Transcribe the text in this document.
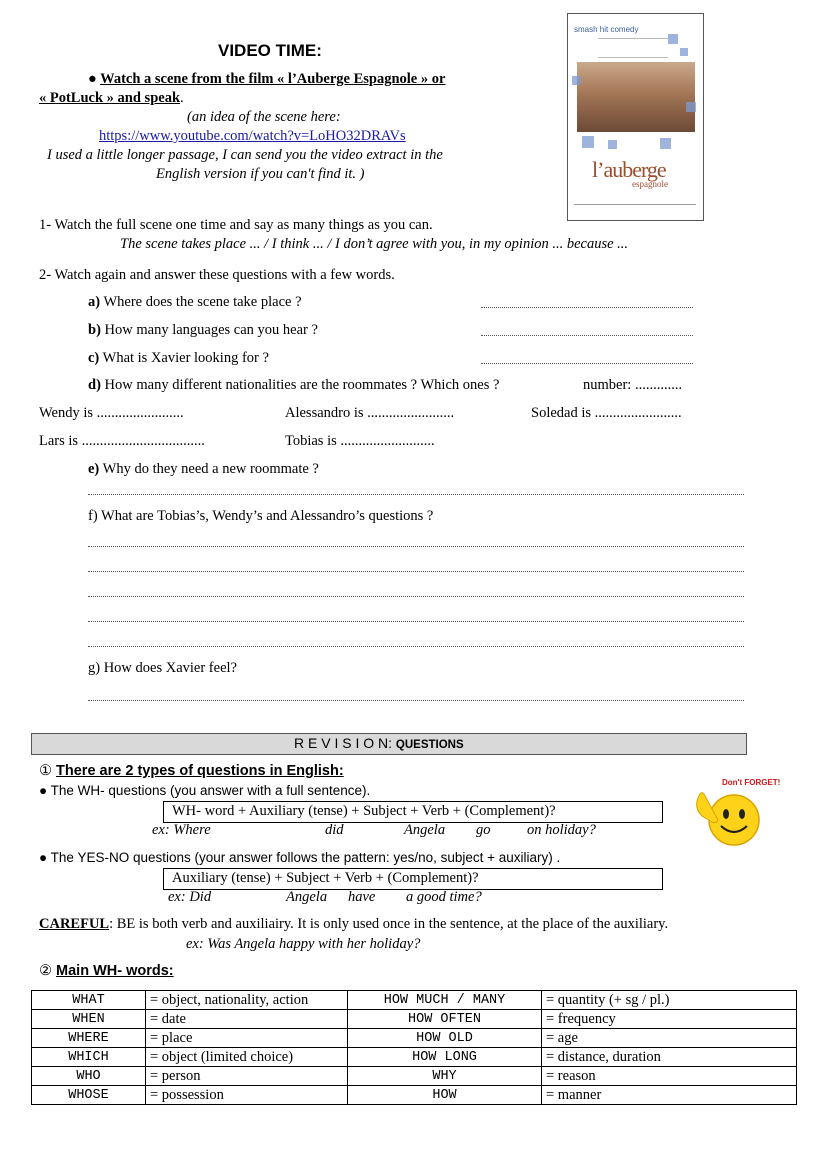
VIDEO TIME:
● Watch a scene from the film « l’Auberge Espagnole » or
« PotLuck » and speak.
(an idea of the scene here:
https://www.youtube.com/watch?v=LoHO32DRAVs
I used a little longer passage, I can send you the video extract in the
English version if you can't find it. )
smash hit comedy
l’auberge
espagnole
1- Watch the full scene one time and say as many things as you can.
The scene takes place ... / I think ... / I don’t agree with you, in my opinion ... because ...
2- Watch again and answer these questions with a few words.
a) Where does the scene take place ?
b) How many languages can you hear ?
c) What is Xavier looking for ?
d) How many different nationalities are the roommates ? Which ones ?	number: .............
Wendy is ........................	Alessandro is ........................	Soledad is ........................
Lars is ..................................	Tobias is ..........................
e) Why do they need a new roommate ?
f) What are Tobias’s, Wendy’s and Alessandro’s questions ?
g) How does Xavier feel?
R E V I S I O N: QUESTIONS
① There are 2 types of questions in English:
● The WH- questions (you answer with a full sentence).
WH- word + Auxiliary (tense) + Subject + Verb + (Complement)?
ex: Where	did	Angela go	on holiday?
● The YES-NO questions (your answer follows the pattern: yes/no, subject + auxiliary) .
Auxiliary (tense) + Subject + Verb + (Complement)?
ex: Did	Angela have a good time?
CAREFUL: BE is both verb and auxiliairy. It is only used once in the sentence, at the place of the auxiliary.
ex: Was Angela happy with her holiday?
② Main WH- words:
Don't FORGET!
WHAT	= object, nationality, action	HOW MUCH / MANY	= quantity (+ sg / pl.)
WHEN	= date	HOW OFTEN	= frequency
WHERE	= place	HOW OLD	= age
WHICH	= object (limited choice)	HOW LONG	= distance, duration
WHO	= person	WHY	= reason
WHOSE	= possession	HOW	= manner
